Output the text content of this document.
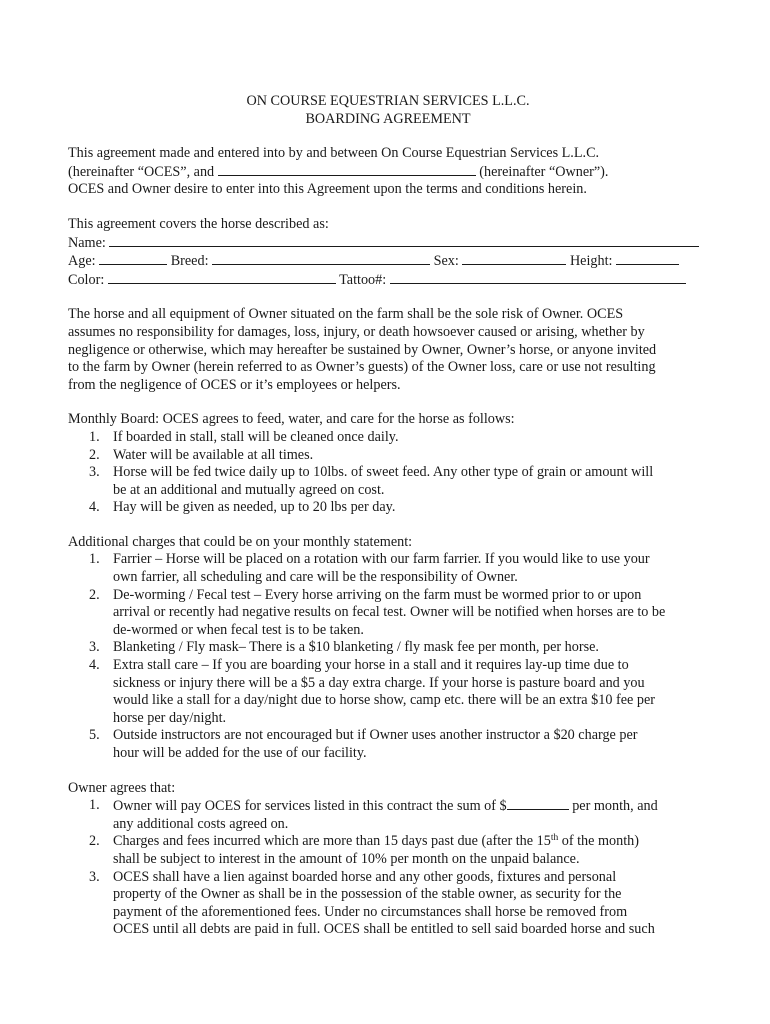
ON COURSE EQUESTRIAN SERVICES L.L.C.

BOARDING AGREEMENT

This agreement made and entered into by and between On Course Equestrian Services L.L.C.

(hereinafter “OCES”, and	(hereinafter “Owner”).

OCES and Owner desire to enter into this Agreement upon the terms and conditions herein.

This agreement covers the horse described as:

Name:

Age:	Breed:	Sex:	Height:

Color:	Tattoo#:

The horse and all equipment of Owner situated on the farm shall be the sole risk of Owner. OCES

assumes no responsibility for damages, loss, injury, or death howsoever caused or arising, whether by

negligence or otherwise, which may hereafter be sustained by Owner, Owner’s horse, or anyone invited

to the farm by Owner (herein referred to as Owner’s guests) of the Owner loss, care or use not resulting

from the negligence of OCES or it’s employees or helpers.

Monthly Board: OCES agrees to feed, water, and care for the horse as follows:

1. If boarded in stall, stall will be cleaned once daily.
2. Water will be available at all times.
3. Horse will be fed twice daily up to 10lbs. of sweet feed. Any other type of grain or amount will
be at an additional and mutually agreed on cost.
4. Hay will be given as needed, up to 20 lbs per day.

Additional charges that could be on your monthly statement:

1. Farrier – Horse will be placed on a rotation with our farm farrier. If you would like to use your
own farrier, all scheduling and care will be the responsibility of Owner.
2. De-worming / Fecal test – Every horse arriving on the farm must be wormed prior to or upon
arrival or recently had negative results on fecal test. Owner will be notified when horses are to be
de-wormed or when fecal test is to be taken.
3. Blanketing / Fly mask– There is a $10 blanketing / fly mask fee per month, per horse.
4. Extra stall care – If you are boarding your horse in a stall and it requires lay-up time due to
sickness or injury there will be a $5 a day extra charge. If your horse is pasture board and you
would like a stall for a day/night due to horse show, camp etc. there will be an extra $10 fee per
horse per day/night.
5. Outside instructors are not encouraged but if Owner uses another instructor a $20 charge per
hour will be added for the use of our facility.

Owner agrees that:

1. Owner will pay OCES for services listed in this contract the sum of $	per month, and
any additional costs agreed on.
2. Charges and fees incurred which are more than 15 days past due (after the 15th of the month)
shall be subject to interest in the amount of 10% per month on the unpaid balance.
3. OCES shall have a lien against boarded horse and any other goods, fixtures and personal
property of the Owner as shall be in the possession of the stable owner, as security for the
payment of the aforementioned fees. Under no circumstances shall horse be removed from
OCES until all debts are paid in full. OCES shall be entitled to sell said boarded horse and such
